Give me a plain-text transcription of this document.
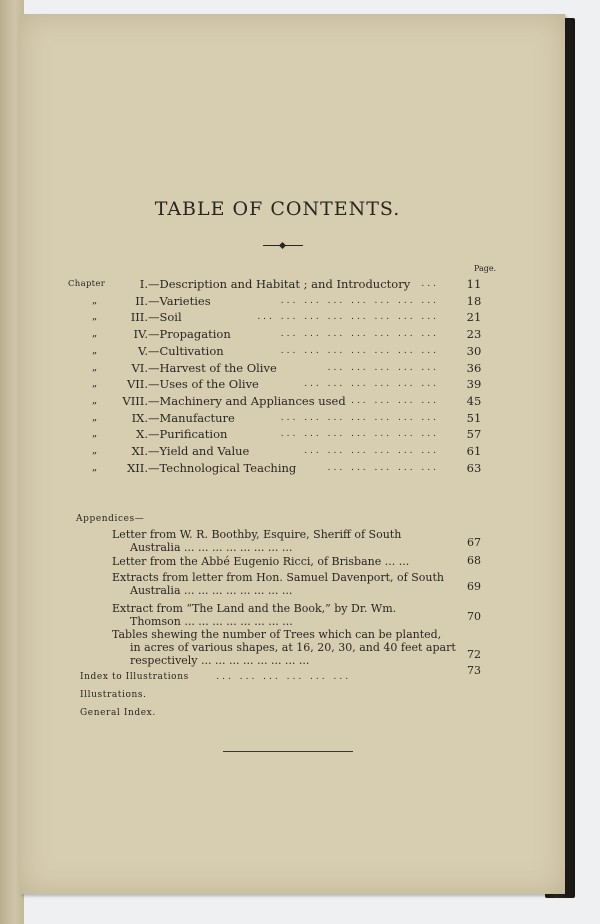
TABLE OF CONTENTS.
Page.
Chapter	I. —Description and Habitat ; and Introductory ...	11
„	II. —Varieties	... ... ... ... ... ... ...	18
„	III. —Soil	... ... ... ... ... ... ... ...	21
„	IV. —Propagation	... ... ... ... ... ... ...	23
„	V. —Cultivation	... ... ... ... ... ... ...	30
„	VI. —Harvest of the Olive	... ... ... ... ...	36
„	VII. —Uses of the Olive	... ... ... ... ... ...	39
„	VIII. —Machinery and Appliances used ... ... ... ...	45
„	IX. —Manufacture	... ... ... ... ... ... ...	51
„	X. —Purification	... ... ... ... ... ... ...	57
„	XI. —Yield and Value	... ... ... ... ... ...	61
„	XII. —Technological Teaching	... ... ... ... ...	63
Appendices—
Letter from W. R. Boothby, Esquire, Sheriff of South
Australia ... ... ... ... ... ... ... ...	67
Letter from the Abbé Eugenio Ricci, of Brisbane ... ...	68
Extracts from letter from Hon. Samuel Davenport, of South
Australia ... ... ... ... ... ... ... ...	69
Extract from “The Land and the Book,” by Dr. Wm.
Thomson ... ... ... ... ... ... ... ...	70
Tables shewing the number of Trees which can be planted,
in acres of various shapes, at 16, 20, 30, and 40 feet apart
respectively ... ... ... ... ... ... ... ...	72
Index to Illustrations	... ... ... ... ... ...	73
Illustrations.
General Index.
